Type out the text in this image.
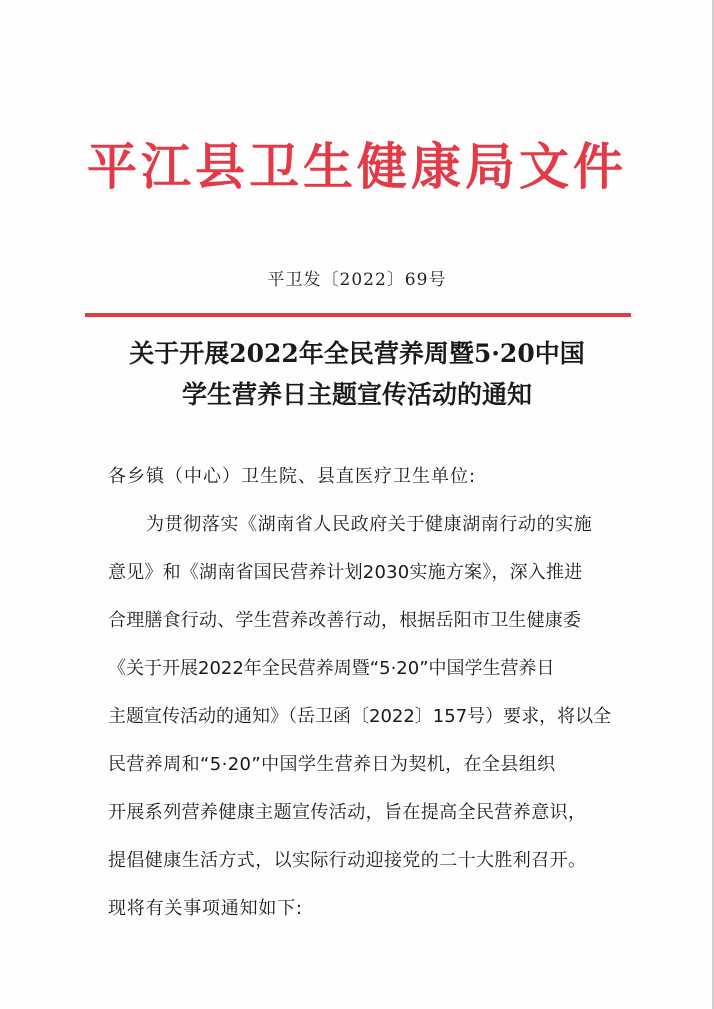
平江县卫生健康局文件
平卫发〔2022〕69号
关于开展2022年全民营养周暨5·20中国
学生营养日主题宣传活动的通知
各乡镇（中心）卫生院、县直医疗卫生单位:
为贯彻落实《湖南省人民政府关于健康湖南行动的实施
意见》和《湖南省国民营养计划2030实施方案》，深入推进
合理膳食行动、学生营养改善行动，根据岳阳市卫生健康委
《关于开展2022年全民营养周暨“5·20”中国学生营养日
主题宣传活动的通知》（岳卫函〔2022〕157号）要求，将以全
民营养周和“5·20”中国学生营养日为契机，在全县组织
开展系列营养健康主题宣传活动，旨在提高全民营养意识，
提倡健康生活方式，以实际行动迎接党的二十大胜利召开。
现将有关事项通知如下:
